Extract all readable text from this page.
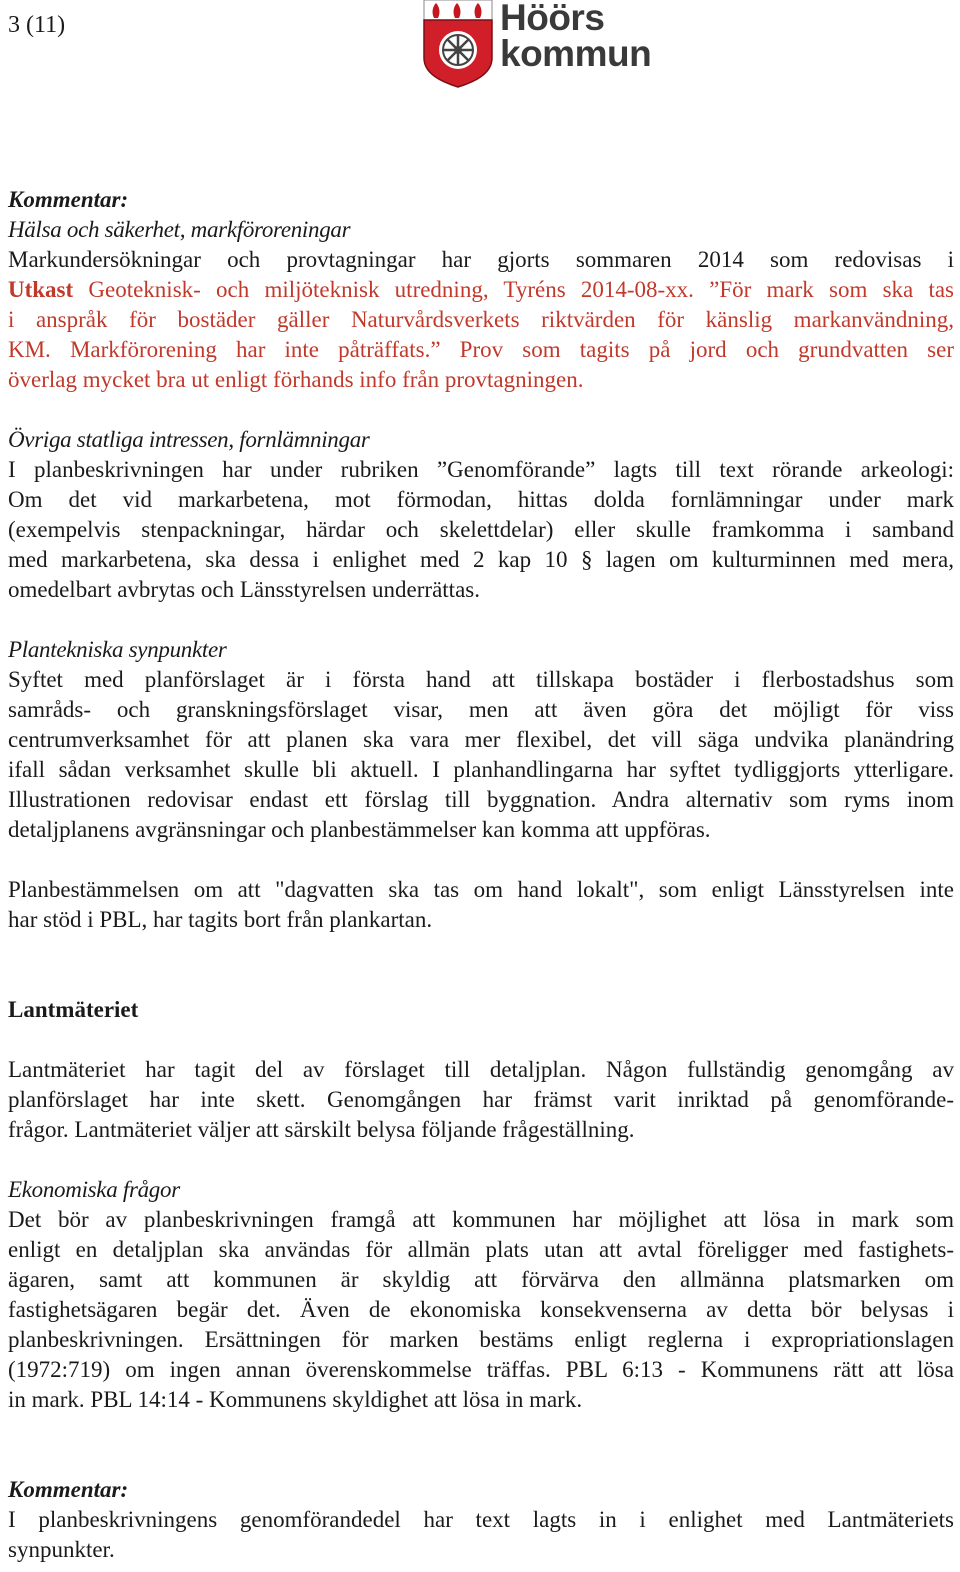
3 (11)	Höörs
kommun
Kommentar:
Hälsa och säkerhet, markföroreningar
Markundersökningar och provtagningar har gjorts sommaren 2014 som redovisas i
Utkast Geoteknisk- och miljöteknisk utredning, Tyréns 2014-08-xx. ”För mark som ska tas
i anspråk för bostäder gäller Naturvårdsverkets riktvärden för känslig markanvändning,
KM. Markförorening har inte påträffats.” Prov som tagits på jord och grundvatten ser
överlag mycket bra ut enligt förhands info från provtagningen.
Övriga statliga intressen, fornlämningar
I planbeskrivningen har under rubriken ”Genomförande” lagts till text rörande arkeologi:
Om det vid markarbetena, mot förmodan, hittas dolda fornlämningar under mark
(exempelvis stenpackningar, härdar och skelettdelar) eller skulle framkomma i samband
med markarbetena, ska dessa i enlighet med 2 kap 10 § lagen om kulturminnen med mera,
omedelbart avbrytas och Länsstyrelsen underrättas.
Plantekniska synpunkter
Syftet med planförslaget är i första hand att tillskapa bostäder i flerbostadshus som
samråds- och granskningsförslaget visar, men att även göra det möjligt för viss
centrumverksamhet för att planen ska vara mer flexibel, det vill säga undvika planändring
ifall sådan verksamhet skulle bli aktuell. I planhandlingarna har syftet tydliggjorts ytterligare.
Illustrationen redovisar endast ett förslag till byggnation. Andra alternativ som ryms inom
detaljplanens avgränsningar och planbestämmelser kan komma att uppföras.
Planbestämmelsen om att "dagvatten ska tas om hand lokalt", som enligt Länsstyrelsen inte
har stöd i PBL, har tagits bort från plankartan.
Lantmäteriet
Lantmäteriet har tagit del av förslaget till detaljplan. Någon fullständig genomgång av
planförslaget har inte skett. Genomgången har främst varit inriktad på genomförande-
frågor. Lantmäteriet väljer att särskilt belysa följande frågeställning.
Ekonomiska frågor
Det bör av planbeskrivningen framgå att kommunen har möjlighet att lösa in mark som
enligt en detaljplan ska användas för allmän plats utan att avtal föreligger med fastighets-
ägaren, samt att kommunen är skyldig att förvärva den allmänna platsmarken om
fastighetsägaren begär det. Även de ekonomiska konsekvenserna av detta bör belysas i
planbeskrivningen. Ersättningen för marken bestäms enligt reglerna i expropriationslagen
(1972:719) om ingen annan överenskommelse träffas. PBL 6:13 - Kommunens rätt att lösa
in mark. PBL 14:14 - Kommunens skyldighet att lösa in mark.
Kommentar:
I planbeskrivningens genomförandedel har text lagts in i enlighet med Lantmäteriets
synpunkter.
